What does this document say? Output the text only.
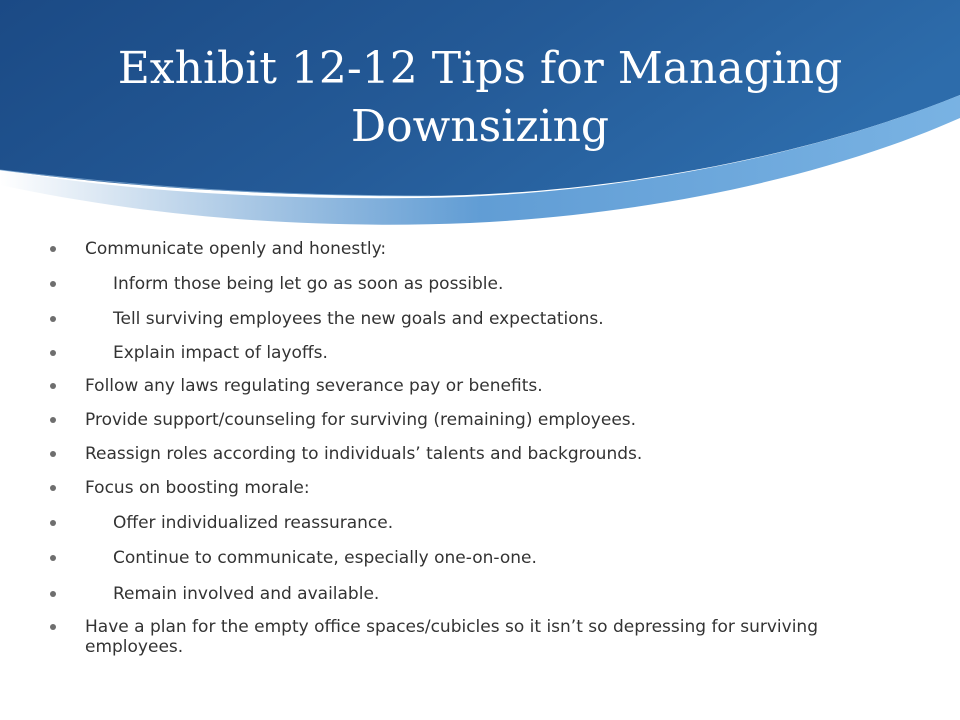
Exhibit 12-12 Tips for Managing Downsizing
Communicate openly and honestly:
Inform those being let go as soon as possible.
Tell surviving employees the new goals and expectations.
Explain impact of layoffs.
Follow any laws regulating severance pay or benefits.
Provide support/counseling for surviving (remaining) employees.
Reassign roles according to individuals’ talents and backgrounds.
Focus on boosting morale:
Offer individualized reassurance.
Continue to communicate, especially one-on-one.
Remain involved and available.
Have a plan for the empty office spaces/cubicles so it isn’t so depressing for surviving employees.
